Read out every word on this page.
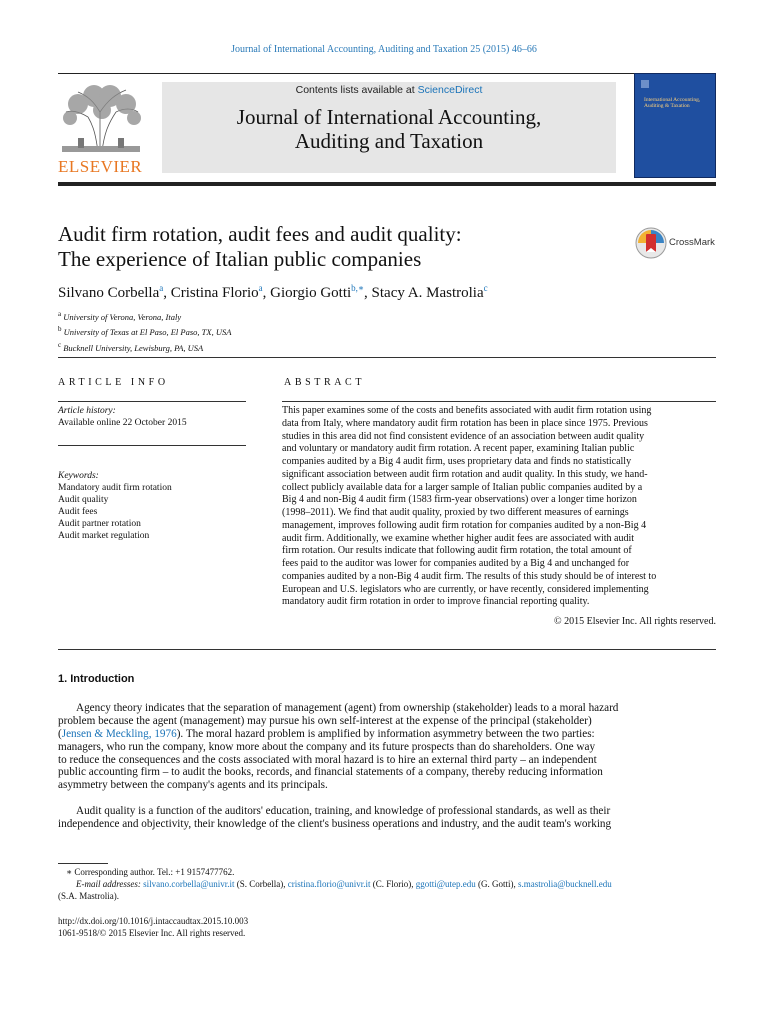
Journal of International Accounting, Auditing and Taxation 25 (2015) 46–66
ELSEVIER
Contents lists available at ScienceDirect
Journal of International Accounting,
Auditing and Taxation
International Accounting, Auditing & Taxation
Audit firm rotation, audit fees and audit quality:
The experience of Italian public companies
CrossMark
Silvano Corbella$^a$, Cristina Florio$^a$, Giorgio Gotti$^{b,∗}$, Stacy A. Mastrolia$^c$
$^a$ University of Verona, Verona, Italy
$^b$ University of Texas at El Paso, El Paso, TX, USA
$^c$ Bucknell University, Lewisburg, PA, USA
ARTICLE INFO
Article history:
Available online 22 October 2015
Keywords:
Mandatory audit firm rotation
Audit quality
Audit fees
Audit partner rotation
Audit market regulation
ABSTRACT
This paper examines some of the costs and benefits associated with audit firm rotation using
data from Italy, where mandatory audit firm rotation has been in place since 1975. Previous
studies in this area did not find consistent evidence of an association between audit quality
and voluntary or mandatory audit firm rotation. A recent paper, examining Italian public
companies audited by a Big 4 audit firm, uses proprietary data and finds no statistically
significant association between audit firm rotation and audit quality. In this study, we hand-
collect publicly available data for a larger sample of Italian public companies audited by a
Big 4 and non-Big 4 audit firm (1583 firm-year observations) over a longer time horizon
(1998–2011). We find that audit quality, proxied by two different measures of earnings
management, improves following audit firm rotation for companies audited by a non-Big 4
audit firm. Additionally, we examine whether higher audit fees are associated with audit
firm rotation. Our results indicate that following audit firm rotation, the total amount of
fees paid to the auditor was lower for companies audited by a Big 4 and unchanged for
companies audited by a non-Big 4 audit firm. The results of this study should be of interest to
European and U.S. legislators who are currently, or have recently, considered implementing
mandatory audit firm rotation in order to improve financial reporting quality.
© 2015 Elsevier Inc. All rights reserved.
1. Introduction
Agency theory indicates that the separation of management (agent) from ownership (stakeholder) leads to a moral hazard
problem because the agent (management) may pursue his own self-interest at the expense of the principal (stakeholder)
(Jensen & Meckling, 1976). The moral hazard problem is amplified by information asymmetry between the two parties:
managers, who run the company, know more about the company and its future prospects than do shareholders. One way
to reduce the consequences and the costs associated with moral hazard is to hire an external third party – an independent
public accounting firm – to audit the books, records, and financial statements of a company, thereby reducing information
asymmetry between the company's agents and its principals.
Audit quality is a function of the auditors' education, training, and knowledge of professional standards, as well as their
independence and objectivity, their knowledge of the client's business operations and industry, and the audit team's working
∗ Corresponding author. Tel.: +1 9157477762.
E-mail addresses: silvano.corbella@univr.it (S. Corbella), cristina.florio@univr.it (C. Florio), ggotti@utep.edu (G. Gotti), s.mastrolia@bucknell.edu
(S.A. Mastrolia).
http://dx.doi.org/10.1016/j.intaccaudtax.2015.10.003
1061-9518/© 2015 Elsevier Inc. All rights reserved.
